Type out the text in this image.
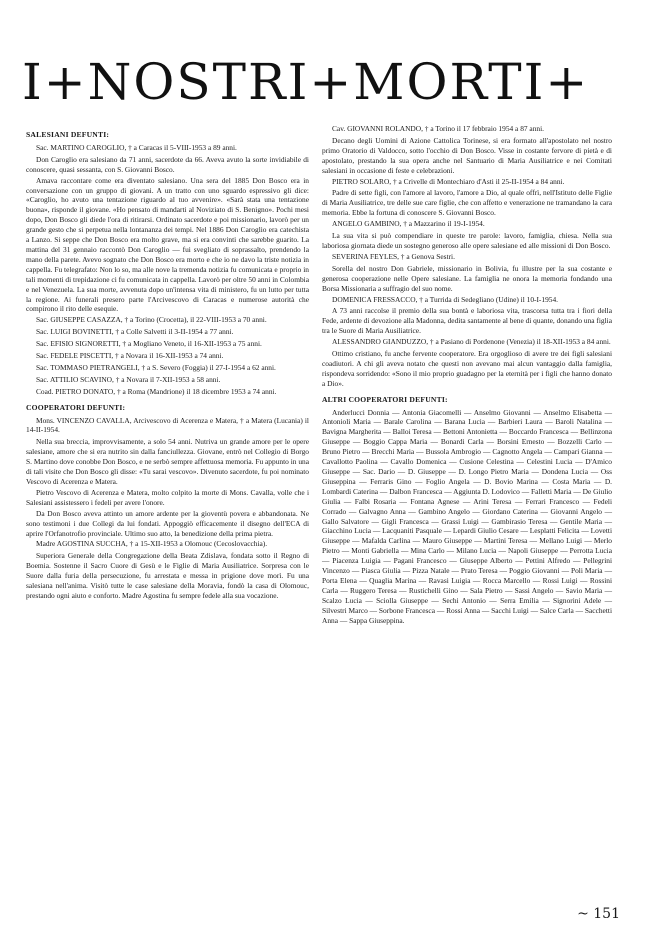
I+NOSTRI+MORTI+
SALESIANI DEFUNTI:
Sac. MARTINO CAROGLIO, † a Caracas il 5-VIII-1953 a 89 anni.
Don Caroglio era salesiano da 71 anni, sacerdote da 66. Aveva avuto la sorte invidiabile di conoscere, quasi sessanta, con S. Giovanni Bosco.
Amava raccontare come era diventato salesiano. Una sera del 1885 Don Bosco era in conversazione con un gruppo di giovani. A un tratto con uno sguardo espressivo gli dice: «Caroglio, ho avuto una tentazione riguardo al tuo avvenire». «Sarà stata una tentazione buona», risponde il giovane. «Ho pensato di mandarti al Noviziato di S. Benigno». Pochi mesi dopo, Don Bosco gli diede l'ora di ritirarsi. Ordinato sacerdote e poi missionario, lavorò per un grande gesto che si perpetua nella lontananza dei tempi. Nel 1886 Don Caroglio era catechista a Lanzo. Si seppe che Don Bosco era molto grave, ma si era convinti che sarebbe guarito. La mattina del 31 gennaio raccontò Don Caroglio — fui svegliato di soprassalto, prendendo la mano della parete. Avevo sognato che Don Bosco era morto e che io ne davo la triste notizia in cappella. Fu telegrafato: Non lo so, ma alle nove la tremenda notizia fu comunicata e proprio in tali momenti di trepidazione ci fu comunicata in cappella. Lavorò per oltre 50 anni in Colombia e nel Venezuela. La sua morte, avvenuta dopo un'intensa vita di ministero, fu un lutto per tutta la regione. Ai funerali presero parte l'Arcivescovo di Caracas e numerose autorità che compirono il rito delle esequie.
Sac. GIUSEPPE CASAZZA, † a Torino (Crocetta), il 22-VIII-1953 a 70 anni.
Sac. LUIGI BOVINETTI, † a Colle Salvetti il 3-II-1954 a 77 anni.
Sac. EFISIO SIGNORETTI, † a Mogliano Veneto, il 16-XII-1953 a 75 anni.
Sac. FEDELE PISCETTI, † a Novara il 16-XII-1953 a 74 anni.
Sac. TOMMASO PIETRANGELI, † a S. Severo (Foggia) il 27-I-1954 a 62 anni.
Sac. ATTILIO SCAVINO, † a Novara il 7-XII-1953 a 58 anni.
Coad. PIETRO DONATO, † a Roma (Mandrione) il 18 dicembre 1953 a 74 anni.
COOPERATORI DEFUNTI:
Mons. VINCENZO CAVALLA, Arcivescovo di Acerenza e Matera, † a Matera (Lucania) il 14-II-1954.
Nella sua breccia, improvvisamente, a solo 54 anni. Nutriva un grande amore per le opere salesiane, amore che si era nutrito sin dalla fanciullezza. Giovane, entrò nel Collegio di Borgo S. Martino dove conobbe Don Bosco, e ne serbò sempre affettuosa memoria. Fu appunto in una di tali visite che Don Bosco gli disse: «Tu sarai vescovo». Divenuto sacerdote, fu poi nominato Vescovo di Acerenza e Matera.
Pietro Vescovo di Acerenza e Matera, molto colpito la morte di Mons. Cavalla, volle che i Salesiani assistessero i fedeli per avere l'onore.
Da Don Bosco aveva attinto un amore ardente per la gioventù povera e abbandonata. Ne sono testimoni i due Collegi da lui fondati. Appoggiò efficacemente il disegno dell'ECA di aprire l'Orfanotrofio provinciale. Ultimo suo atto, la benedizione della prima pietra.
Madre AGOSTINA SUCCHA, † a 15-XII-1953 a Olomouc (Cecoslovacchia).
Superiora Generale della Congregazione della Beata Zdislava, fondata sotto il Regno di Boemia. Sostenne il Sacro Cuore di Gesù e le Figlie di Maria Ausiliatrice. Sorpresa con le Suore dalla furia della persecuzione, fu arrestata e messa in prigione dove morì. Fu una salesiana nell'anima. Visitò tutte le case salesiane della Moravia, fondò la casa di Olomouc, prestando ogni aiuto e conforto. Madre Agostina fu sempre fedele alla sua vocazione.
Cav. GIOVANNI ROLANDO, † a Torino il 17 febbraio 1954 a 87 anni.
Decano degli Uomini di Azione Cattolica Torinese, si era formato all'apostolato nel nostro primo Oratorio di Valdocco, sotto l'occhio di Don Bosco. Visse in costante fervore di pietà e di apostolato, prestando la sua opera anche nel Santuario di Maria Ausiliatrice e nei Comitati salesiani in occasione di feste e celebrazioni.
PIETRO SOLARO, † a Crivelle di Montechiaro d'Asti il 25-II-1954 a 84 anni.
Padre di sette figli, con l'amore al lavoro, l'amore a Dio, al quale offrì, nell'Istituto delle Figlie di Maria Ausiliatrice, tre delle sue care figlie, che con affetto e venerazione ne tramandano la cara memoria. Ebbe la fortuna di conoscere S. Giovanni Bosco.
ANGELO GAMBINO, † a Mazzarino il 19-I-1954.
La sua vita si può compendiare in queste tre parole: lavoro, famiglia, chiesa. Nella sua laboriosa giornata diede un sostegno generoso alle opere salesiane ed alle missioni di Don Bosco.
SEVERINA FEYLES, † a Genova Sestri.
Sorella del nostro Don Gabriele, missionario in Bolivia, fu illustre per la sua costante e generosa cooperazione nelle Opere salesiane. La famiglia ne onora la memoria fondando una Borsa Missionaria a suffragio del suo nome.
DOMENICA FRESSACCO, † a Turrida di Sedegliano (Udine) il 10-I-1954.
A 73 anni raccolse il premio della sua bontà e laboriosa vita, trascorsa tutta tra i fiori della Fede, ardente di devozione alla Madonna, dedita santamente al bene di quante, donando una figlia tra le Suore di Maria Ausiliatrice.
ALESSANDRO GIANDUZZO, † a Pasiano di Pordenone (Venezia) il 18-XII-1953 a 84 anni.
Ottimo cristiano, fu anche fervente cooperatore. Era orgoglioso di avere tre dei figli salesiani coadiutori. A chi gli aveva notato che questi non avevano mai alcun vantaggio dalla famiglia, rispondeva sorridendo: «Sono il mio proprio guadagno per la eternità per i figli che hanno donato a Dio».
ALTRI COOPERATORI DEFUNTI:
Anderlucci Donnia — Antonia Giacomelli — Anselmo Giovanni — Anselmo Elisabetta — Antonioli Maria — Barale Carolina — Barana Lucia — Barbieri Laura — Baroli Natalina — Bavigna Margherita — Balloi Teresa — Bettoni Antonietta — Boccardo Francesca — Bellinzona Giuseppe — Boggio Cappa Maria — Bonardi Carla — Borsini Ernesto — Bozzelli Carlo — Bruno Pietro — Brecchi Maria — Bussola Ambrogio — Cagnotto Angela — Campari Gianna — Cavallotto Paolina — Cavallo Domenica — Cusione Celestina — Celestini Lucia — D'Amico Giuseppe — Sac. Dario — D. Giuseppe — D. Longo Pietro Maria — Dondena Lucia — Oss Giuseppina — Ferraris Gino — Foglio Angela — D. Bovio Marina — Costa Maria — D. Lombardi Caterina — Dalbon Francesca — Aggiunta D. Lodovico — Falletti Maria — De Giulio Giulia — Falbi Rosaria — Fontana Agnese — Arini Teresa — Ferrari Francesco — Fedeli Corrado — Galvagno Anna — Gambino Angelo — Giordano Caterina — Giovanni Angelo — Gallo Salvatore — Gigli Francesca — Grassi Luigi — Gambirasio Teresa — Gentile Maria — Giacchino Lucia — Lacquaniti Pasquale — Lepardi Giulio Cesare — Lesplatti Felicita — Lovetti Giuseppe — Mafalda Carlina — Mauro Giuseppe — Martini Teresa — Mellano Luigi — Merlo Pietro — Monti Gabriella — Mina Carlo — Milano Lucia — Napoli Giuseppe — Perrotta Lucia — Piacenza Luigia — Pagani Francesco — Giuseppe Alberto — Pettini Alfredo — Pellegrini Vincenzo — Piasca Giulia — Pizza Natale — Prato Teresa — Poggio Giovanni — Poli Maria — Porta Elena — Quaglia Marina — Ravasi Luigia — Rocca Marcello — Rossi Luigi — Rossini Carla — Ruggero Teresa — Rustichelli Gino — Sala Pietro — Sassi Angelo — Savio Maria — Scalzo Lucia — Sciolla Giuseppe — Sechi Antonio — Serra Emilia — Signorini Adele — Silvestri Marco — Sorbone Francesca — Rossi Anna — Sacchi Luigi — Salce Carla — Sacchetti Anna — Sappa Giuseppina.
~ 151
